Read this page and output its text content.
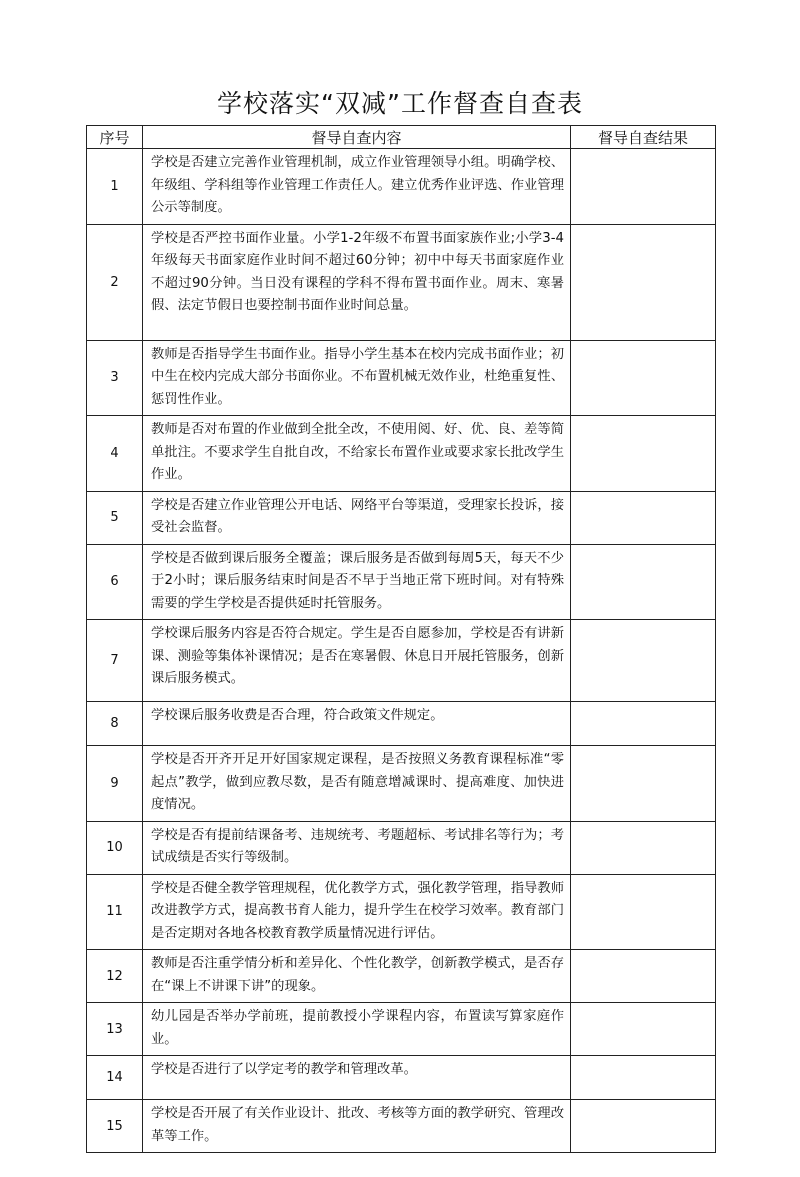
学校落实“双减”工作督查自查表
序号	督导自查内容	督导自查结果
1	学校是否建立完善作业管理机制，成立作业管理领导小组。明确学校、年级组、学科组等作业管理工作责任人。建立优秀作业评选、作业管理公示等制度。	
2	学校是否严控书面作业量。小学1-2年级不布置书面家族作业;小学3-4年级每天书面家庭作业时间不超过60分钟；初中中每天书面家庭作业不超过90分钟。当日没有课程的学科不得布置书面作业。周末、寒暑假、法定节假日也要控制书面作业时间总量。	
3	教师是否指导学生书面作业。指导小学生基本在校内完成书面作业；初中生在校内完成大部分书面你业。不布置机械无效作业，杜绝重复性、惩罚性作业。	
4	教师是否对布置的作业做到全批全改，不使用阅、好、优、良、差等简单批注。不要求学生自批自改，不给家长布置作业或要求家长批改学生作业。	
5	学校是否建立作业管理公开电话、网络平台等渠道，受理家长投诉，接受社会监督。	
6	学校是否做到课后服务全覆盖；课后服务是否做到每周5天，每天不少于2小时；课后服务结束时间是否不早于当地正常下班时间。对有特殊需要的学生学校是否提供延时托管服务。	
7	学校课后服务内容是否符合规定。学生是否自愿参加，学校是否有讲新课、测验等集体补课情况；是否在寒暑假、休息日开展托管服务，创新课后服务模式。	
8	学校课后服务收费是否合理，符合政策文件规定。	
9	学校是否开齐开足开好国家规定课程，是否按照义务教育课程标准“零起点”教学，做到应教尽数，是否有随意增减课时、提高难度、加快进度情况。	
10	学校是否有提前结课备考、违规统考、考题超标、考试排名等行为；考试成绩是否实行等级制。	
11	学校是否健全教学管理规程，优化教学方式，强化教学管理，指导教师改进教学方式，提高教书育人能力，提升学生在校学习效率。教育部门是否定期对各地各校教育教学质量情况进行评估。	
12	教师是否注重学情分析和差异化、个性化教学，创新教学模式，是否存在“课上不讲课下讲”的现象。	
13	幼儿园是否举办学前班，提前教授小学课程内容，布置读写算家庭作业。	
14	学校是否进行了以学定考的教学和管理改革。	
15	学校是否开展了有关作业设计、批改、考核等方面的教学研究、管理改革等工作。	
